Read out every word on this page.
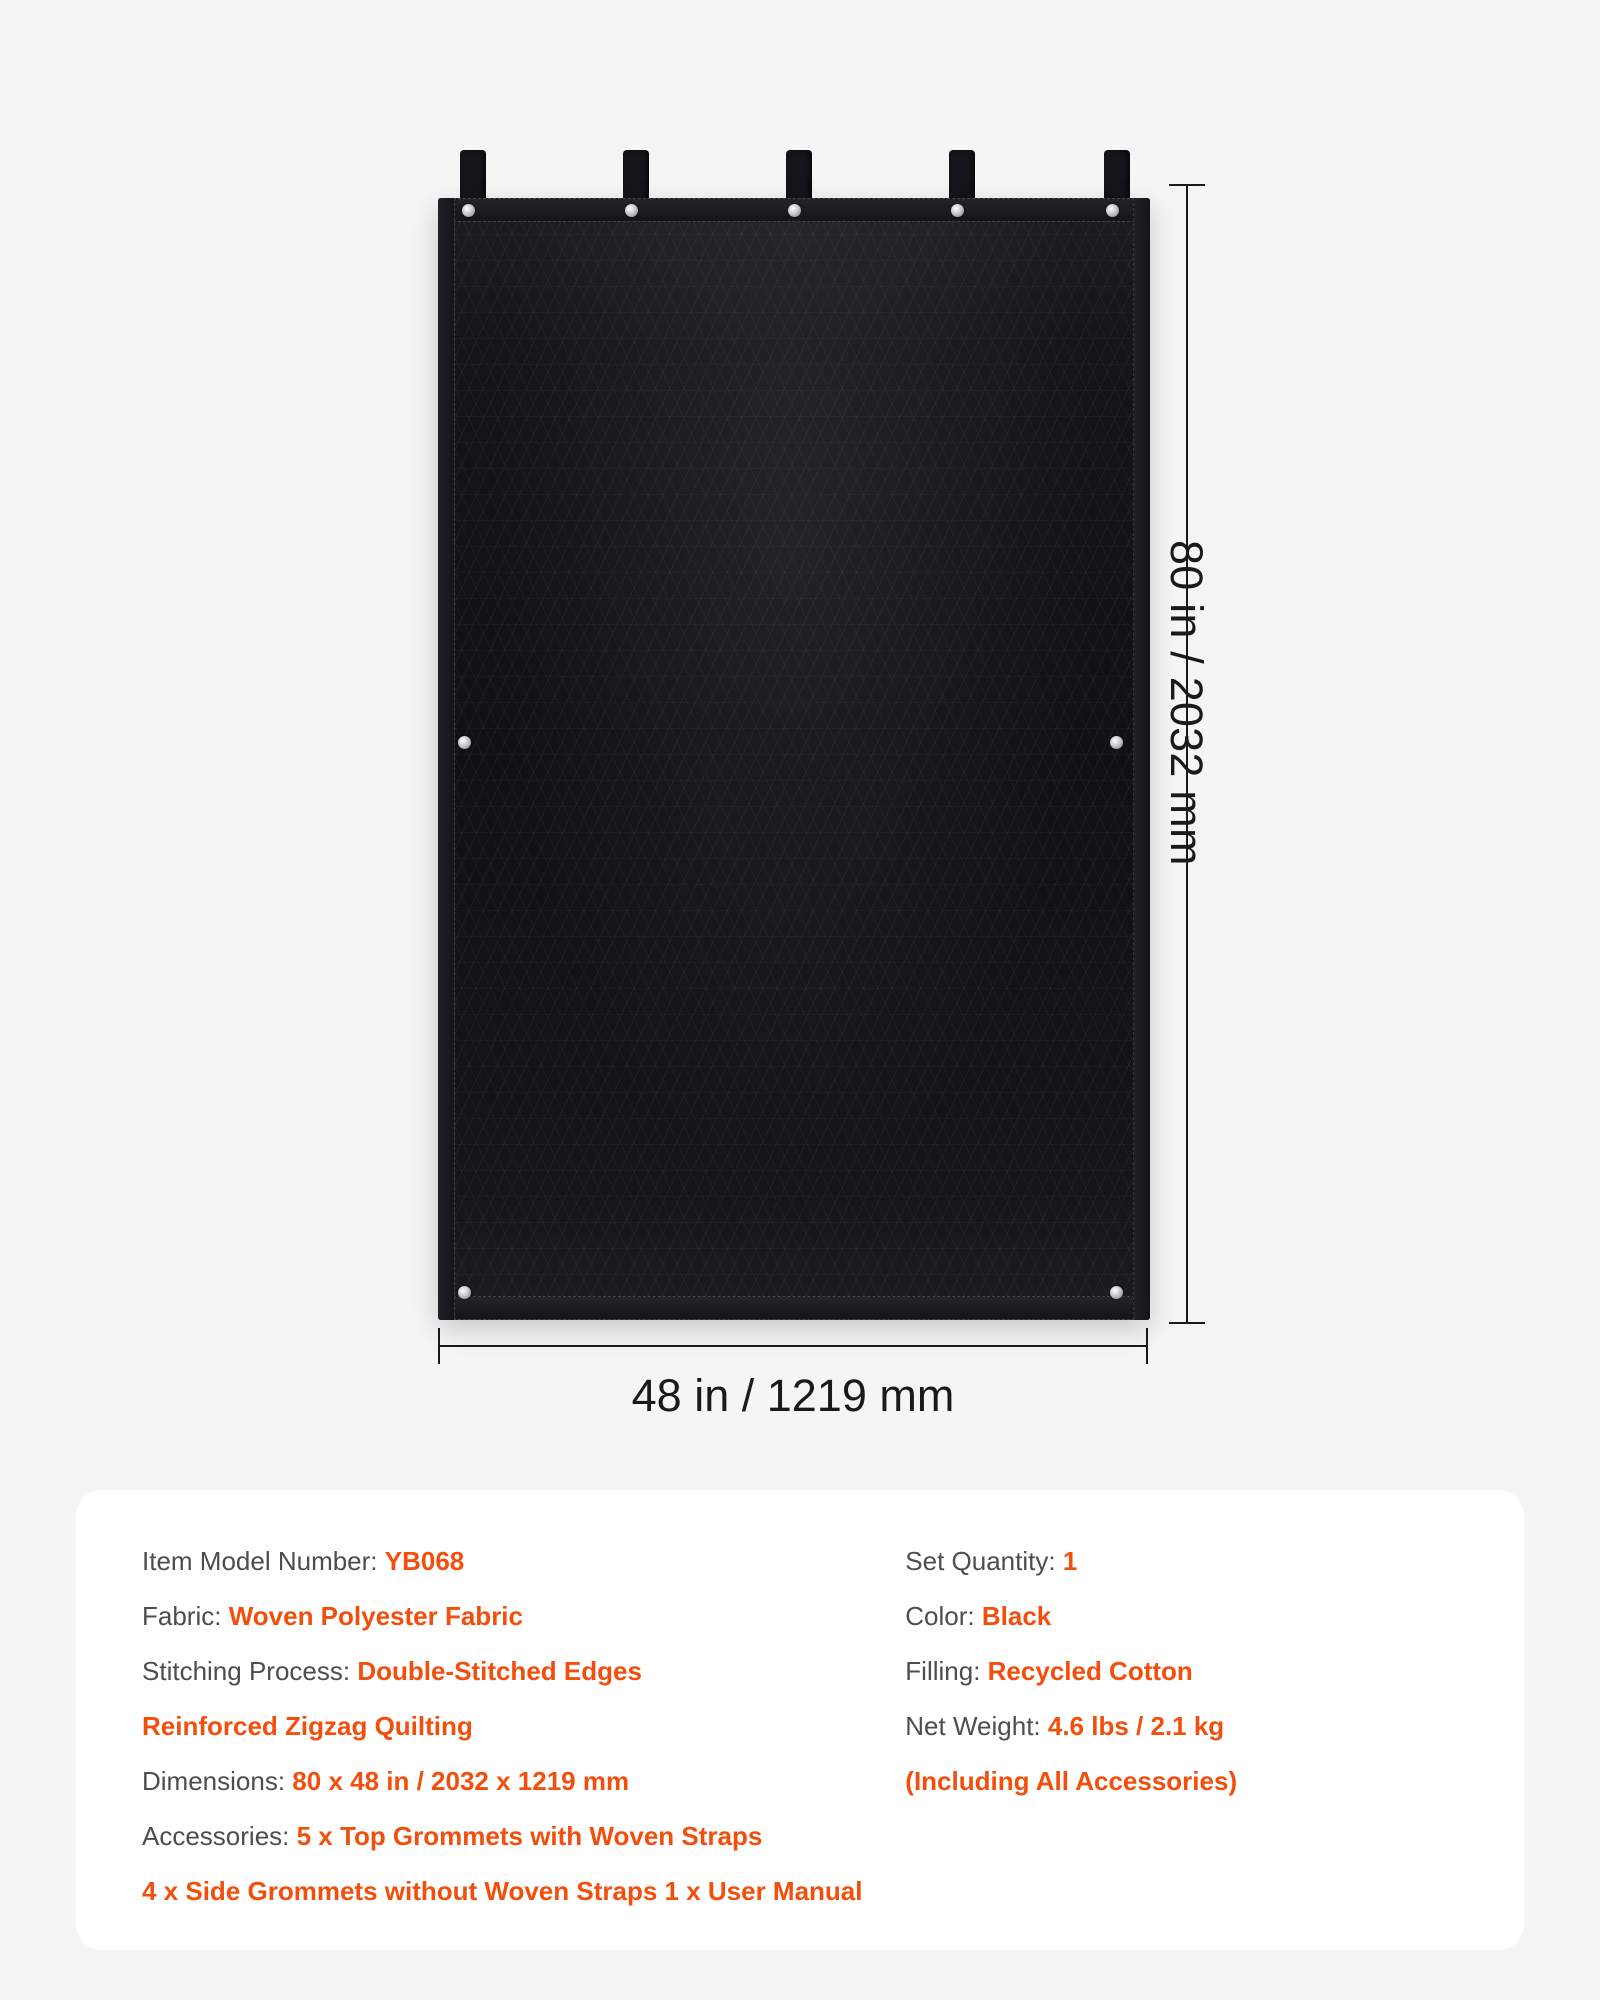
80 in / 2032 mm
48 in / 1219 mm
Item Model Number: YB068
Fabric: Woven Polyester Fabric
Stitching Process: Double-Stitched Edges
Reinforced Zigzag Quilting
Dimensions: 80 x 48 in / 2032 x 1219 mm
Accessories: 5 x Top Grommets with Woven Straps
4 x Side Grommets without Woven Straps 1 x User Manual
Set Quantity: 1
Color: Black
Filling: Recycled Cotton
Net Weight: 4.6 lbs / 2.1 kg
(Including All Accessories)
